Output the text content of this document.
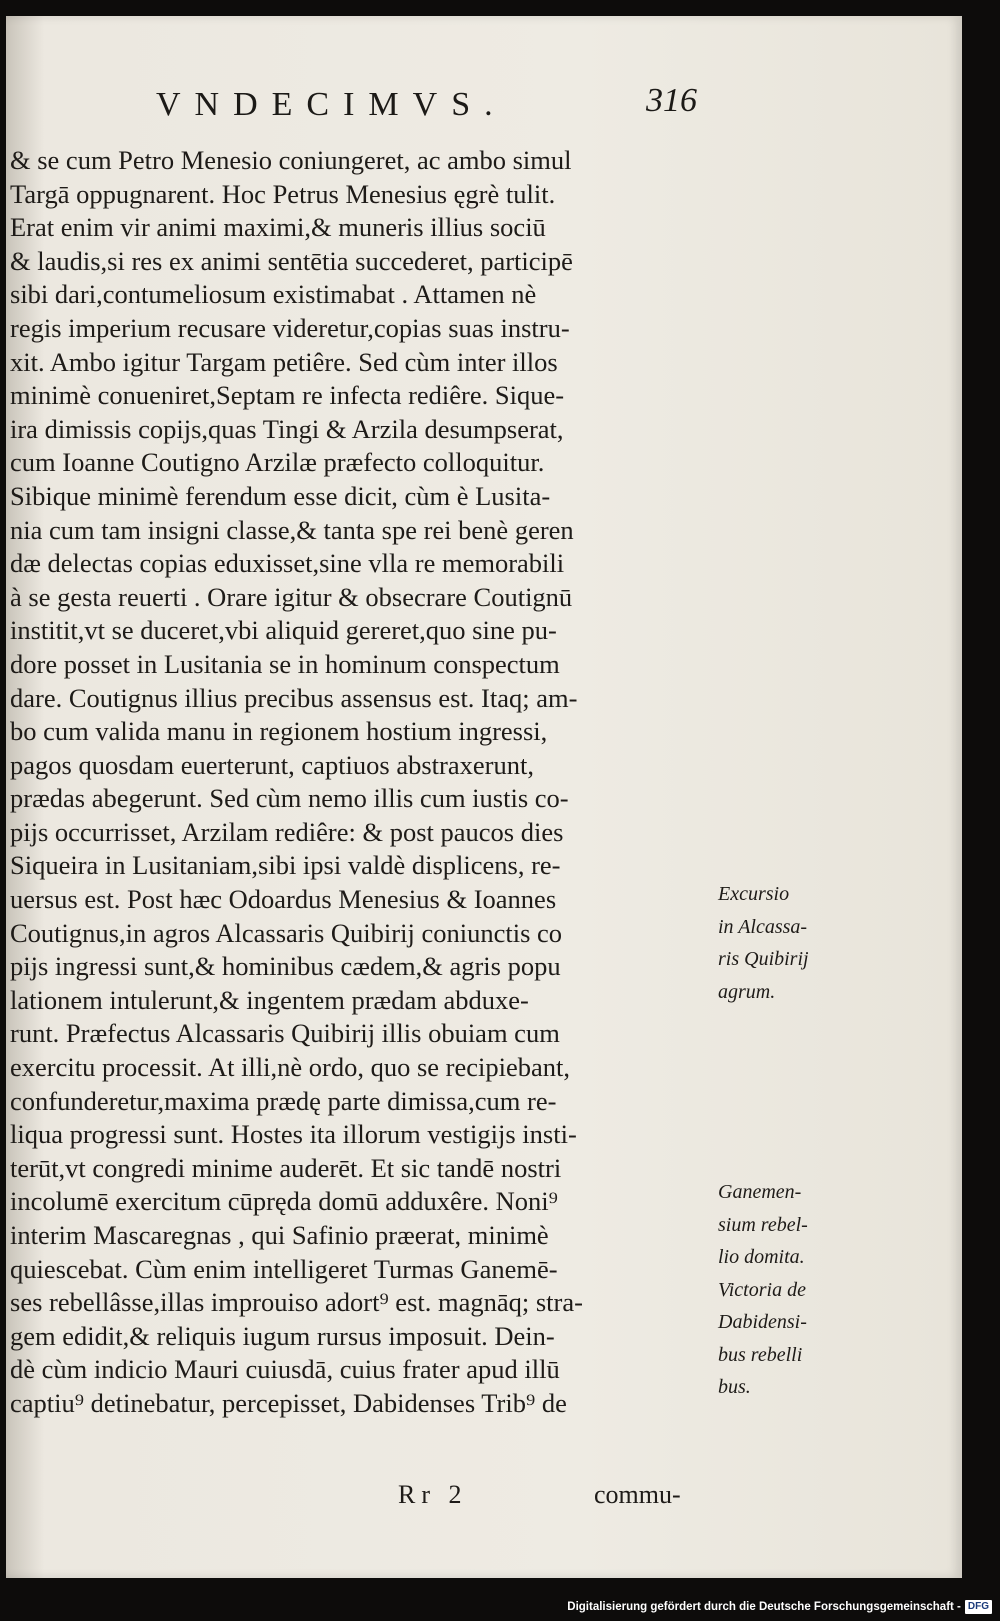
VNDECIMVS.	316
& se cum Petro Menesio coniungeret, ac ambo simul
Targā oppugnarent. Hoc Petrus Menesius ęgrè tulit.
Erat enim vir animi maximi,& muneris illius sociū
& laudis,si res ex animi sentētia succederet, participē
sibi dari,contumeliosum existimabat . Attamen nè
regis imperium recusare videretur,copias suas instru-
xit. Ambo igitur Targam petiêre. Sed cùm inter illos
minimè conueniret,Septam re infecta rediêre. Sique-
ira dimissis copijs,quas Tingi & Arzila desumpserat,
cum Ioanne Coutigno Arzilæ præfecto colloquitur.
Sibique minimè ferendum esse dicit, cùm è Lusita-
nia cum tam insigni classe,& tanta spe rei benè geren
dæ delectas copias eduxisset,sine vlla re memorabili
à se gesta reuerti . Orare igitur & obsecrare Coutignū
institit,vt se duceret,vbi aliquid gereret,quo sine pu-
dore posset in Lusitania se in hominum conspectum
dare. Coutignus illius precibus assensus est. Itaq; am-
bo cum valida manu in regionem hostium ingressi,
pagos quosdam euerterunt, captiuos abstraxerunt,
prædas abegerunt. Sed cùm nemo illis cum iustis co-
pijs occurrisset, Arzilam rediêre: & post paucos dies
Siqueira in Lusitaniam,sibi ipsi valdè displicens, re-
uersus est. Post hæc Odoardus Menesius & Ioannes
Coutignus,in agros Alcassaris Quibirij coniunctis co
pijs ingressi sunt,& hominibus cædem,& agris popu
lationem intulerunt,& ingentem prædam abduxe-
runt. Præfectus Alcassaris Quibirij illis obuiam cum
exercitu processit. At illi,nè ordo, quo se recipiebant,
confunderetur,maxima prædę parte dimissa,cum re-
liqua progressi sunt. Hostes ita illorum vestigijs insti-
terūt,vt congredi minime auderēt. Et sic tandē nostri
incolumē exercitum cūprędа domū adduxêre. Noni⁹
interim Mascaregnas , qui Safinio præerat, minimè
quiescebat. Cùm enim intelligeret Turmas Ganemē-
ses rebellâsse,illas improuiso adort⁹ est. magnāq; stra-
gem edidit,& reliquis iugum rursus imposuit. Dein-
dè cùm indicio Mauri cuiusdā, cuius frater apud illū
captiu⁹ detinebatur, percepisset, Dabidenses Trib⁹ de
Excursio
in Alcassa-
ris Quibirij
agrum.
Ganemen-
sium rebel-
lio domita.
Victoria de
Dabidensi-
bus rebelli
bus.
Rr 2	commu-
Digitalisierung gefördert durch die Deutsche Forschungsgemeinschaft - DFG
